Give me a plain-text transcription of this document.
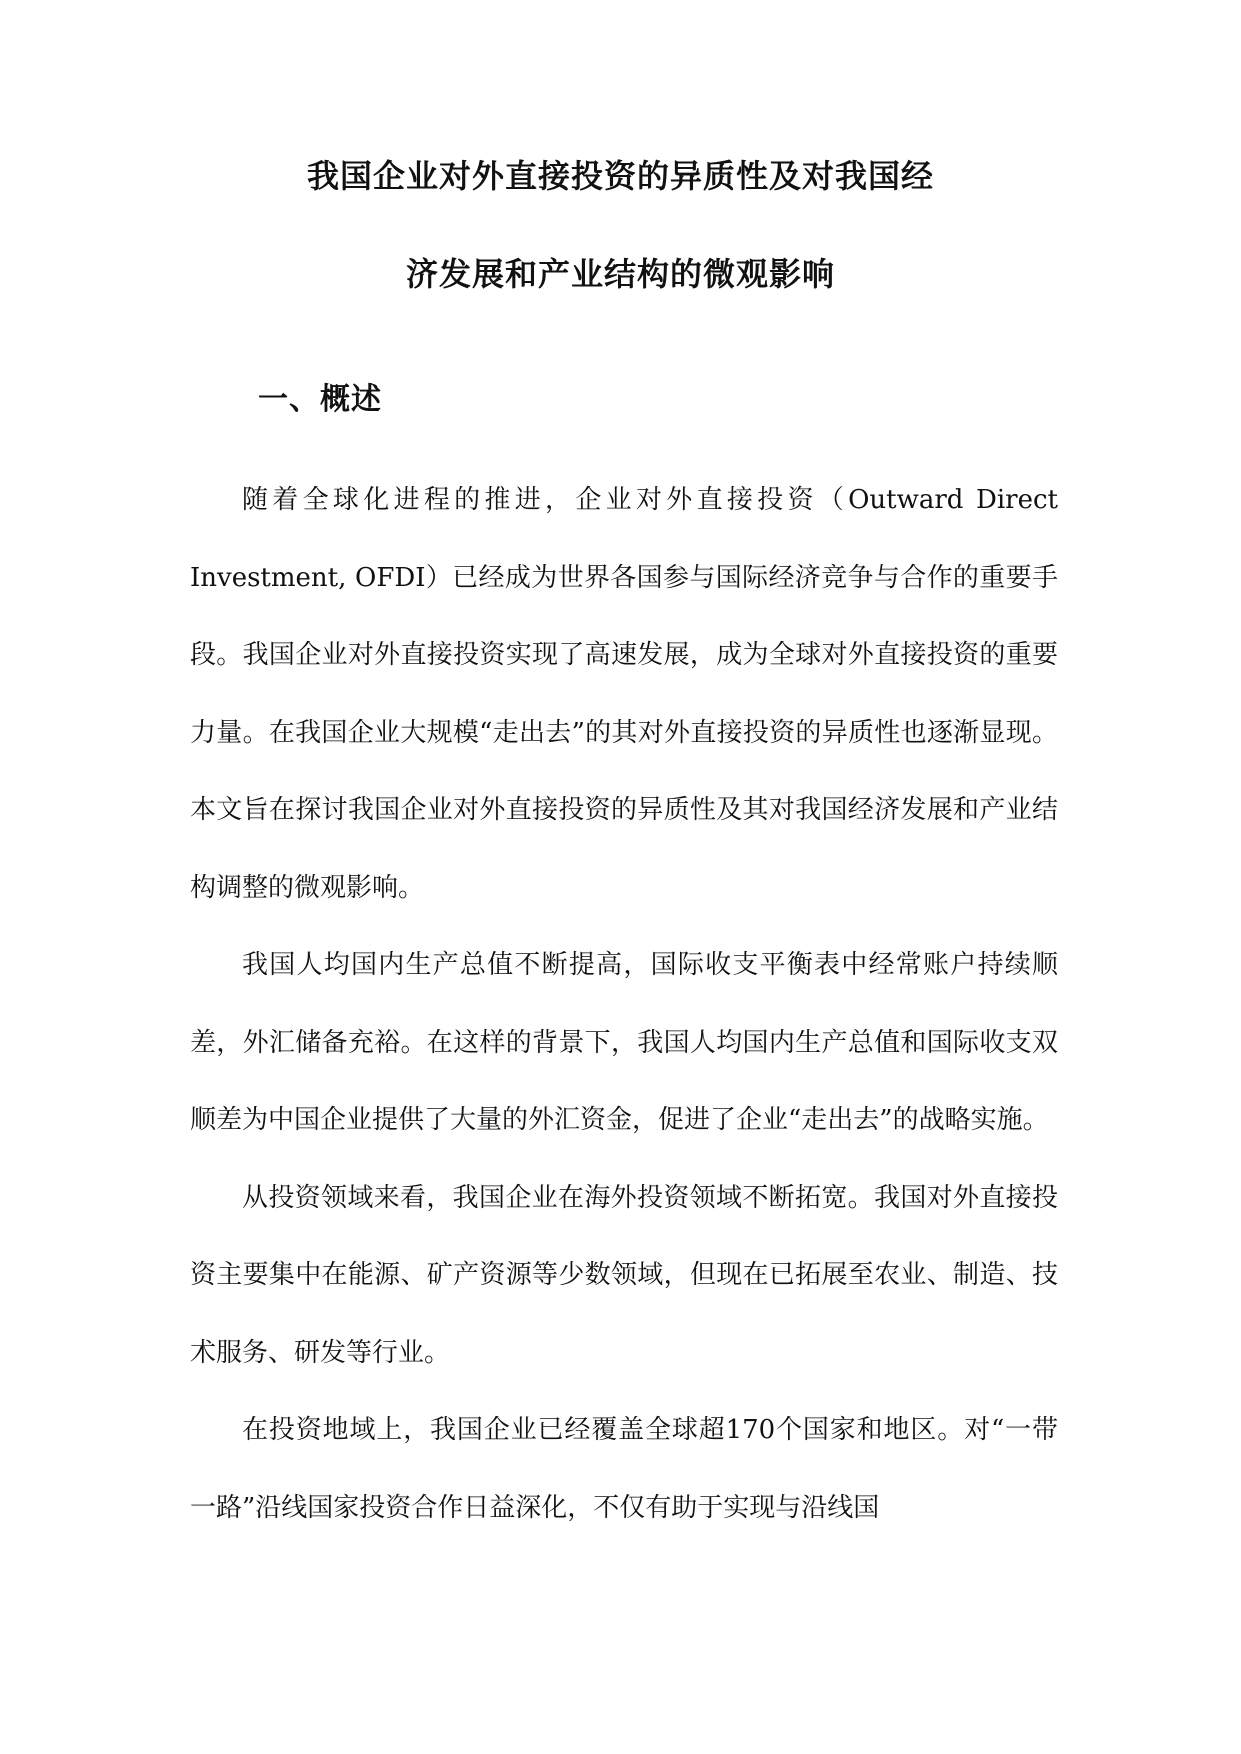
我国企业对外直接投资的异质性及对我国经
济发展和产业结构的微观影响
一、概述

随着全球化进程的推进，企业对外直接投资（Outward Direct Investment, OFDI）已经成为世界各国参与国际经济竞争与合作的重要手段。我国企业对外直接投资实现了高速发展，成为全球对外直接投资的重要力量。在我国企业大规模“走出去”的其对外直接投资的异质性也逐渐显现。本文旨在探讨我国企业对外直接投资的异质性及其对我国经济发展和产业结构调整的微观影响。

我国人均国内生产总值不断提高，国际收支平衡表中经常账户持续顺差，外汇储备充裕。在这样的背景下，我国人均国内生产总值和国际收支双顺差为中国企业提供了大量的外汇资金，促进了企业“走出去”的战略实施。

从投资领域来看，我国企业在海外投资领域不断拓宽。我国对外直接投资主要集中在能源、矿产资源等少数领域，但现在已拓展至农业、制造、技术服务、研发等行业。

在投资地域上，我国企业已经覆盖全球超170个国家和地区。对“一带一路”沿线国家投资合作日益深化，不仅有助于实现与沿线国
